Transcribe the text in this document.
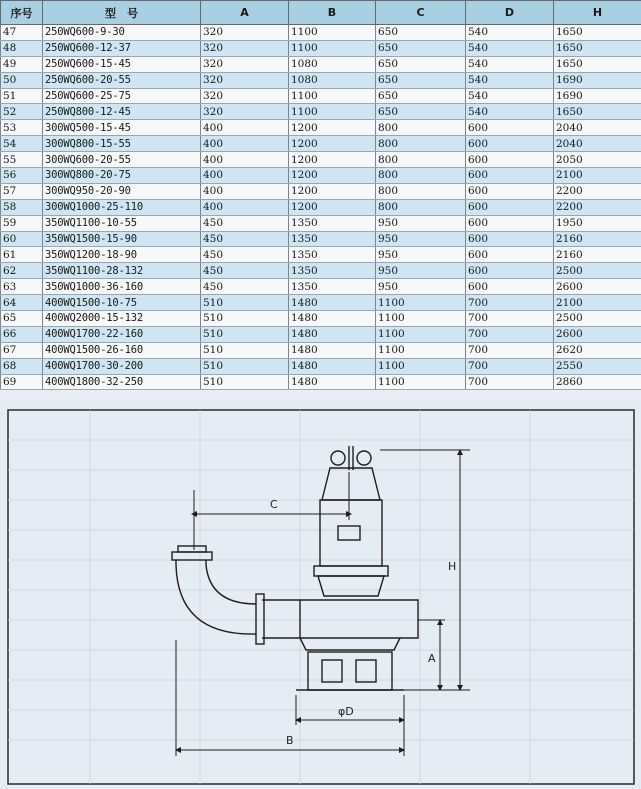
序号	型　号	A	B	C	D	H
47	250WQ600-9-30	320	1100	650	540	1650
48	250WQ600-12-37	320	1100	650	540	1650
49	250WQ600-15-45	320	1080	650	540	1650
50	250WQ600-20-55	320	1080	650	540	1690
51	250WQ600-25-75	320	1100	650	540	1690
52	250WQ800-12-45	320	1100	650	540	1650
53	300WQ500-15-45	400	1200	800	600	2040
54	300WQ800-15-55	400	1200	800	600	2040
55	300WQ600-20-55	400	1200	800	600	2050
56	300WQ800-20-75	400	1200	800	600	2100
57	300WQ950-20-90	400	1200	800	600	2200
58	300WQ1000-25-110	400	1200	800	600	2200
59	350WQ1100-10-55	450	1350	950	600	1950
60	350WQ1500-15-90	450	1350	950	600	2160
61	350WQ1200-18-90	450	1350	950	600	2160
62	350WQ1100-28-132	450	1350	950	600	2500
63	350WQ1000-36-160	450	1350	950	600	2600
64	400WQ1500-10-75	510	1480	1100	700	2100
65	400WQ2000-15-132	510	1480	1100	700	2500
66	400WQ1700-22-160	510	1480	1100	700	2600
67	400WQ1500-26-160	510	1480	1100	700	2620
68	400WQ1700-30-200	510	1480	1100	700	2550
69	400WQ1800-32-250	510	1480	1100	700	2860
C
H
A
φD
B
